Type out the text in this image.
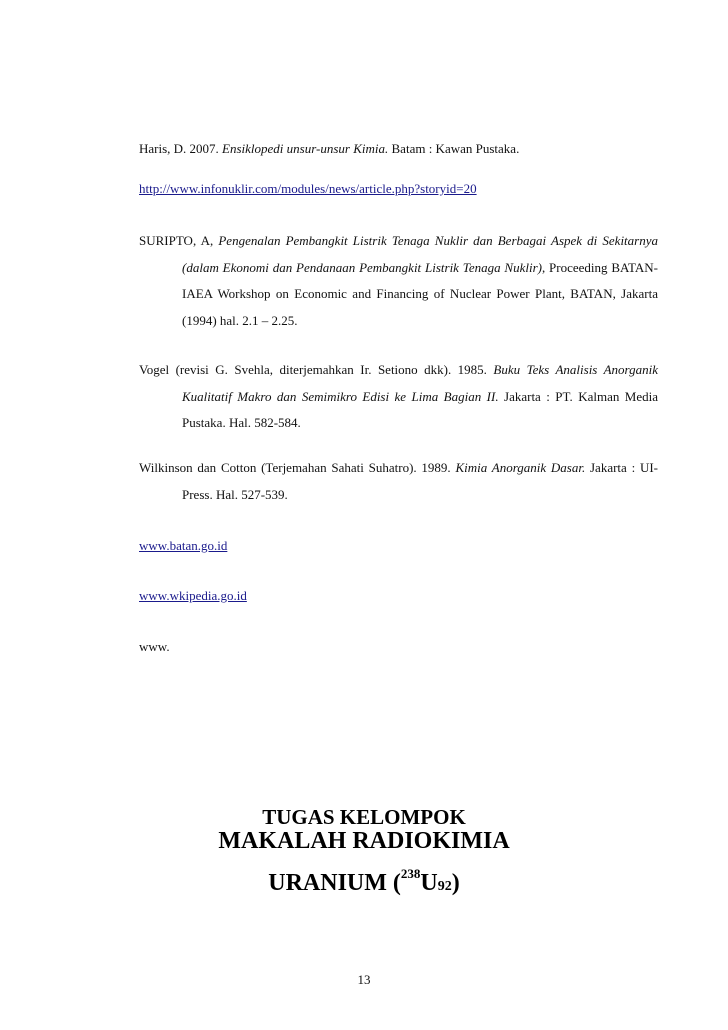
Haris, D. 2007. Ensiklopedi unsur-unsur Kimia. Batam : Kawan Pustaka.
http://www.infonuklir.com/modules/news/article.php?storyid=20
SURIPTO, A, Pengenalan Pembangkit Listrik Tenaga Nuklir dan Berbagai Aspek di Sekitarnya (dalam Ekonomi dan Pendanaan Pembangkit Listrik Tenaga Nuklir), Proceeding BATAN-IAEA Workshop on Economic and Financing of Nuclear Power Plant, BATAN, Jakarta (1994) hal. 2.1 – 2.25.
Vogel (revisi G. Svehla, diterjemahkan Ir. Setiono dkk). 1985. Buku Teks Analisis Anorganik Kualitatif Makro dan Semimikro Edisi ke Lima Bagian II. Jakarta : PT. Kalman Media Pustaka. Hal. 582-584.
Wilkinson dan Cotton (Terjemahan Sahati Suhatro). 1989. Kimia Anorganik Dasar. Jakarta : UI-Press. Hal. 527-539.
www.batan.go.id
www.wkipedia.go.id
www.
TUGAS KELOMPOK
MAKALAH RADIOKIMIA
URANIUM ($^{238}$U92)
13
